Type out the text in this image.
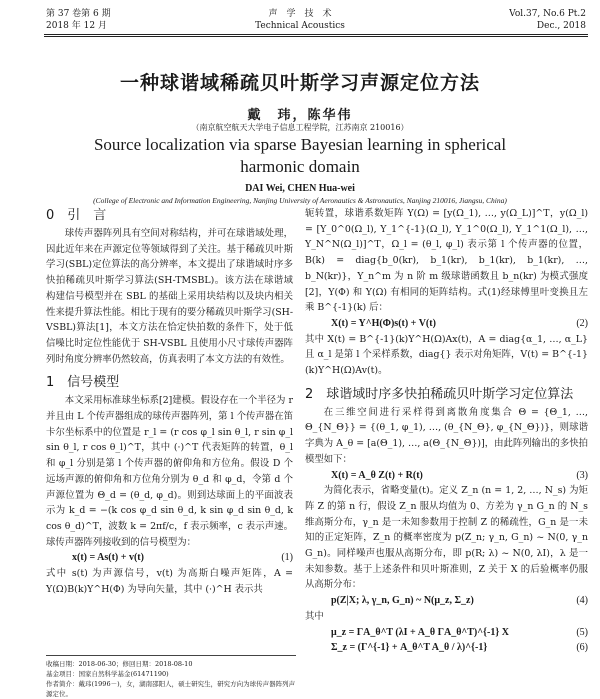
第 37 卷第 6 期
2018 年 12 月
声　学　技　术
Technical Acoustics
Vol.37, No.6 Pt.2
Dec., 2018
一种球谐域稀疏贝叶斯学习声源定位方法
戴　玮，陈华伟
（南京航空航天大学电子信息工程学院，江苏南京 210016）
Source localization via sparse Bayesian learning in spherical harmonic domain
DAI Wei, CHEN Hua-wei
(College of Electronic and Information Engineering, Nanjing University of Aeronautics & Astronautics, Nanjing 210016, Jiangsu, China)

0　引　言

球传声器阵列具有空间对称结构，并可在球谐域处理，因此近年来在声源定位等领域得到了关注。基于稀疏贝叶斯学习(SBL)定位算法的高分辨率，本文提出了球谐域时序多快拍稀疏贝叶斯学习算法(SH-TMSBL)。该方法在球谐域构建信号模型并在 SBL 的基础上采用块结构以及块内相关性来提升算法性能。相比于现有的要分稀疏贝叶斯学习(SH-VSBL)算法[1]，本文方法在恰定快拍数的条件下，处于低信噪比时定位性能优于 SH-VSBL 且使用小尺寸球传声器阵列时角度分辨率仍然较高，仿真表明了本文方法的有效性。

1　信号模型

本文采用标准球坐标系[2]建模。假设存在一个半径为 r 并且由 L 个传声器组成的球传声器阵列，第 l 个传声器在笛卡尔坐标系中的位置是 r_l = (r cos φ_l sin θ_l, r sin φ_l sin θ_l, r cos θ_l)^T，其中 (·)^T 代表矩阵的转置，θ_l 和 φ_l 分别是第 l 个传声器的俯仰角和方位角。假设 D 个远场声源的俯仰角和方位角分别为 θ_d 和 φ_d，令第 d 个声源位置为 Θ_d = (θ_d, φ_d)。则到达球面上的平面波表示为 k_d = −(k cos φ_d sin θ_d, k sin φ_d sin θ_d, k cos θ_d)^T，波数 k = 2πf/c，f 表示频率，c 表示声速。球传声器阵列接收到的信号模型为：

x(t) = As(t) + v(t)	(1)

式中 s(t) 为声源信号，v(t) 为高斯白噪声矩阵，A = Y(Ω)B(k)Y^H(Φ) 为导向矢量，其中 (·)^H 表示共

轭转置，球谐系数矩阵 Y(Ω) = [y(Ω_1), …, y(Ω_L)]^T，y(Ω_l) = [Y_0^0(Ω_l), Y_1^{-1}(Ω_l), Y_1^0(Ω_l), Y_1^1(Ω_l), …, Y_N^N(Ω_l)]^T，Ω_l = (θ_l, φ_l) 表示第 l 个传声器的位置，B(k) = diag{b_0(kr), b_1(kr), b_1(kr), b_1(kr), …, b_N(kr)}，Y_n^m 为 n 阶 m 级球谐函数且 b_n(kr) 为模式强度[2]，Y(Φ) 和 Y(Ω) 有相同的矩阵结构。式(1)经球傅里叶变换且左乘 B^{-1}(k) 后：

X(t) = Y^H(Φ)s(t) + V(t)	(2)

其中 X(t) = B^{-1}(k)Y^H(Ω)Ax(t)，A = diag{α_1, …, α_L} 且 α_l 是第 l 个采样系数，diag{} 表示对角矩阵，V(t) = B^{-1}(k)Y^H(Ω)Av(t)。

2　球谐域时序多快拍稀疏贝叶斯学习定位算法

在三维空间进行采样得到离散角度集合 Θ = {Θ_1, …, Θ_{N_Θ}} = {(θ_1, φ_1), …, (θ_{N_Θ}, φ_{N_Θ})}，则球谐字典为 A_θ = [a(Θ_1), …, a(Θ_{N_Θ})]，由此阵列输出的多快拍模型如下：

X(t) = A_θ Z(t) + R(t)	(3)

为简化表示，省略变量(t)。定义 Z_n (n = 1, 2, …, N_s) 为矩阵 Z 的第 n 行，假设 Z_n 服从均值为 0、方差为 γ_n G_n 的 N_s 维高斯分布，γ_n 是一未知参数用于控制 Z 的稀疏性，G_n 是一未知的正定矩阵，Z_n 的概率密度为 p(Z_n; γ_n, G_n) ~ N(0, γ_n G_n)。同样噪声也服从高斯分布，即 p(R; λ) ~ N(0, λI)，λ 是一未知参数。基于上述条件和贝叶斯准则，Z 关于 X 的后验概率仍服从高斯分布：

p(Z|X; λ, γ_n, G_n) ~ N(μ_z, Σ_z)	(4)

其中

μ_z = ΓA_θ^T (λI + A_θ ΓA_θ^T)^{-1} X	(5)
Σ_z = (Γ^{-1} + A_θ^T A_θ / λ)^{-1}	(6)
收稿日期：2018-06-30；修回日期：2018-08-10
基金项目：国家自然科学基金(61471190)
作者简介：戴玮(1996－)，女，湖南邵阳人，硕士研究生，研究方向为球传声器阵列声源定位。
